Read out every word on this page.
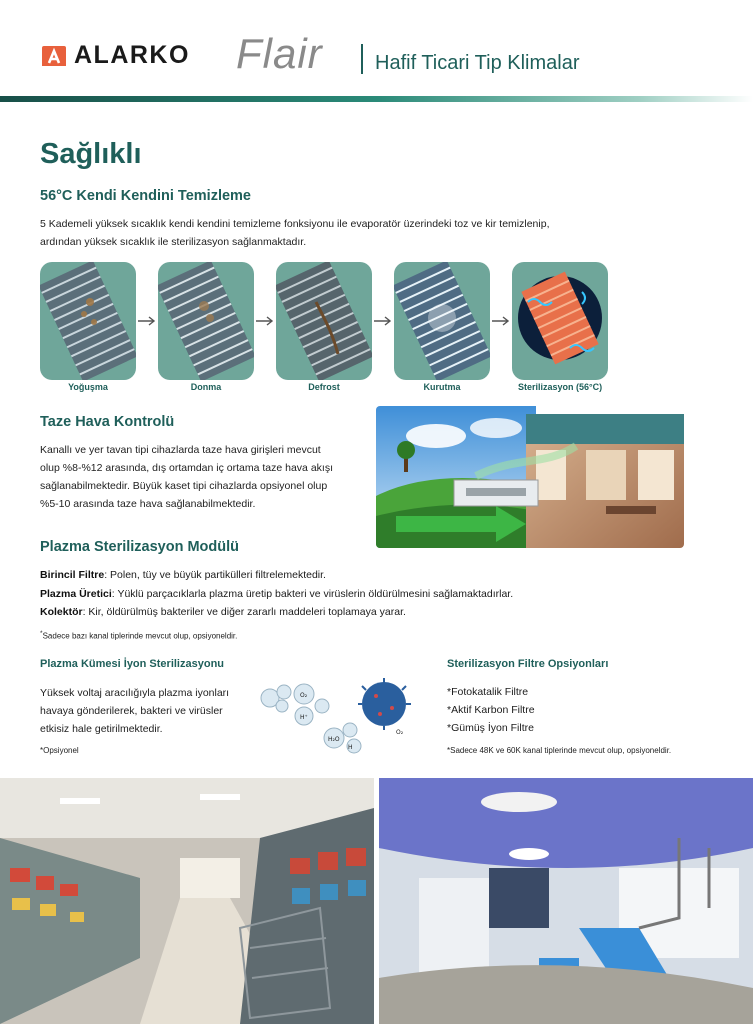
ALARKO Flair	Hafif Ticari Tip Klimalar
Sağlıklı
56°C Kendi Kendini Temizleme
5 Kademeli yüksek sıcaklık kendi kendini temizleme fonksiyonu ile evaporatör üzerindeki toz ve kir temizlenip,
ardından yüksek sıcaklık ile sterilizasyon sağlanmaktadır.
Yoğuşma	Donma	Defrost	Kurutma	Sterilizasyon (56°C)
Taze Hava Kontrolü
Kanallı ve yer tavan tipi cihazlarda taze hava girişleri mevcut
olup %8-%12 arasında, dış ortamdan iç ortama taze hava akışı
sağlanabilmektedir. Büyük kaset tipi cihazlarda opsiyonel olup
%5-10 arasında taze hava sağlanabilmektedir.
Plazma Sterilizasyon Modülü
Birincil Filtre: Polen, tüy ve büyük partikülleri filtrelemektedir.
Plazma Üretici: Yüklü parçacıklarla plazma üretip bakteri ve virüslerin öldürülmesini sağlamaktadırlar.
Kolektör: Kir, öldürülmüş bakteriler ve diğer zararlı maddeleri toplamaya yarar.
*Sadece bazı kanal tiplerinde mevcut olup, opsiyoneldir.
Plazma Kümesi İyon Sterilizasyonu
Yüksek voltaj aracılığıyla plazma iyonları
havaya gönderilerek, bakteri ve virüsler
etkisiz hale getirilmektedir.
*Opsiyonel
O₂
H⁺
H₂O
O₂
H
Sterilizasyon Filtre Opsiyonları
*Fotokatalik Filtre
*Aktif Karbon Filtre
*Gümüş İyon Filtre
*Sadece 48K ve 60K kanal tiplerinde mevcut olup, opsiyoneldir.
